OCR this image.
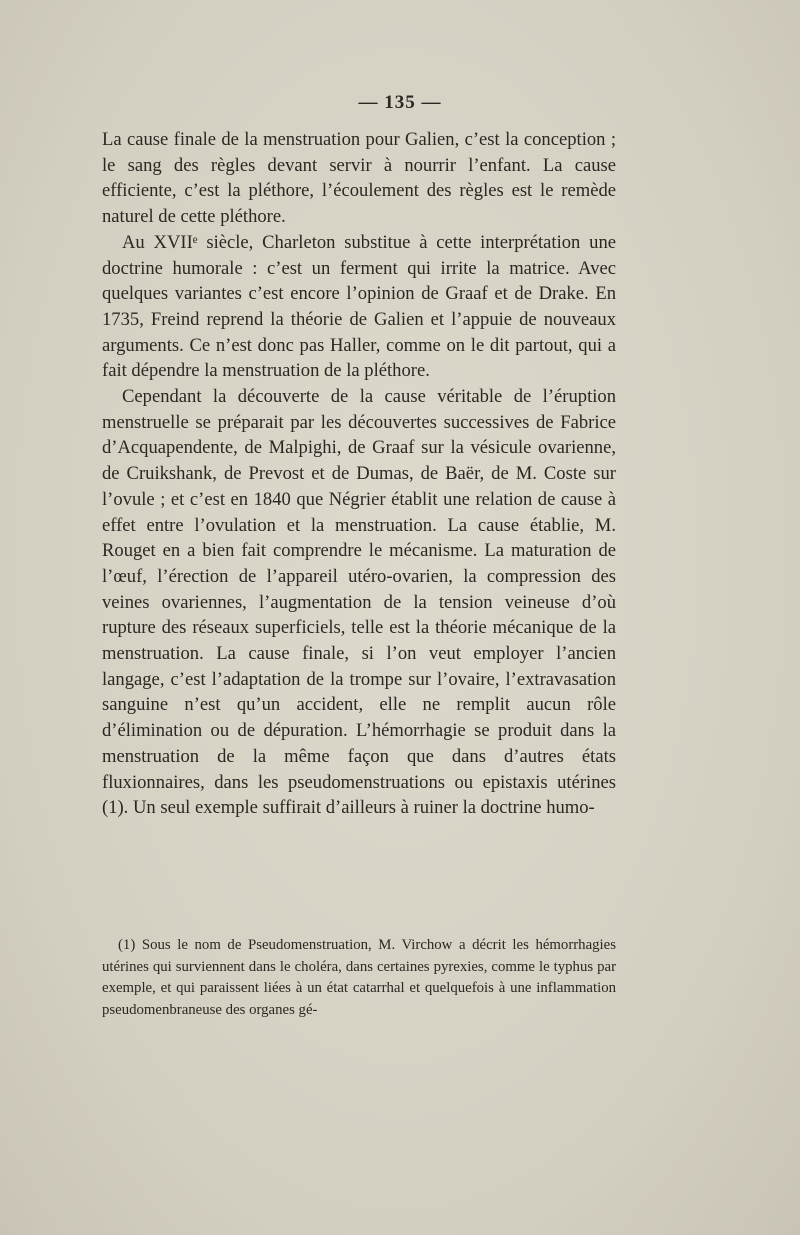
— 135 —

La cause finale de la menstruation pour Galien, c’est la conception ; le sang des règles devant servir à nourrir l’enfant. La cause efficiente, c’est la pléthore, l’écoulement des règles est le remède naturel de cette pléthore.

Au XVIIᵉ siècle, Charleton substitue à cette interprétation une doctrine humorale : c’est un ferment qui irrite la matrice. Avec quelques variantes c’est encore l’opinion de Graaf et de Drake. En 1735, Freind reprend la théorie de Galien et l’appuie de nouveaux arguments. Ce n’est donc pas Haller, comme on le dit partout, qui a fait dépendre la menstruation de la pléthore.

Cependant la découverte de la cause véritable de l’éruption menstruelle se préparait par les découvertes successives de Fabrice d’Acquapendente, de Malpighi, de Graaf sur la vésicule ovarienne, de Cruikshank, de Prevost et de Dumas, de Baër, de M. Coste sur l’ovule ; et c’est en 1840 que Négrier établit une relation de cause à effet entre l’ovulation et la menstruation. La cause établie, M. Rouget en a bien fait comprendre le mécanisme. La maturation de l’œuf, l’érection de l’appareil utéro-ovarien, la compression des veines ovariennes, l’augmentation de la tension veineuse d’où rupture des réseaux superficiels, telle est la théorie mécanique de la menstruation. La cause finale, si l’on veut employer l’ancien langage, c’est l’adaptation de la trompe sur l’ovaire, l’extravasation sanguine n’est qu’un accident, elle ne remplit aucun rôle d’élimination ou de dépuration. L’hémorrhagie se produit dans la menstruation de la même façon que dans d’autres états fluxionnaires, dans les pseudomenstruations ou epistaxis utérines (1). Un seul exemple suffirait d’ailleurs à ruiner la doctrine humo-

(1) Sous le nom de Pseudomenstruation, M. Virchow a décrit les hémorrhagies utérines qui surviennent dans le choléra, dans certaines pyrexies, comme le typhus par exemple, et qui paraissent liées à un état catarrhal et quelquefois à une inflammation pseudomenbraneuse des organes gé-
